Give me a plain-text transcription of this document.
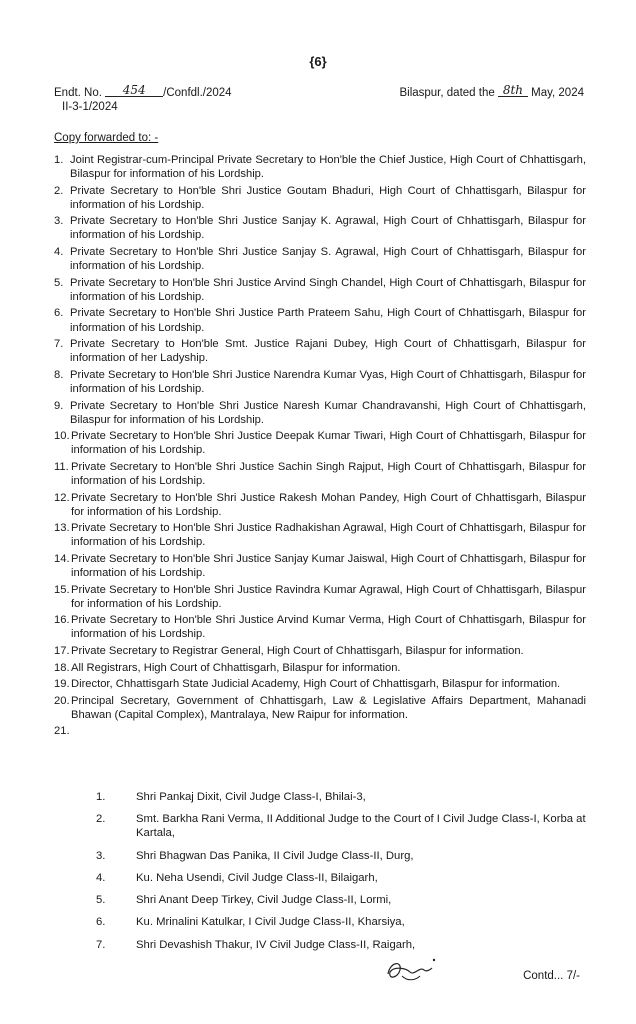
{6}
Endt. No. 454 /Confdl./2024
II-3-1/2024
Bilaspur, dated the 8th May, 2024
Copy forwarded to: -
1. Joint Registrar-cum-Principal Private Secretary to Hon'ble the Chief Justice, High Court of Chhattisgarh, Bilaspur for information of his Lordship.
2. Private Secretary to Hon'ble Shri Justice Goutam Bhaduri, High Court of Chhattisgarh, Bilaspur for information of his Lordship.
3. Private Secretary to Hon'ble Shri Justice Sanjay K. Agrawal, High Court of Chhattisgarh, Bilaspur for information of his Lordship.
4. Private Secretary to Hon'ble Shri Justice Sanjay S. Agrawal, High Court of Chhattisgarh, Bilaspur for information of his Lordship.
5. Private Secretary to Hon'ble Shri Justice Arvind Singh Chandel, High Court of Chhattisgarh, Bilaspur for information of his Lordship.
6. Private Secretary to Hon'ble Shri Justice Parth Prateem Sahu, High Court of Chhattisgarh, Bilaspur for information of his Lordship.
7. Private Secretary to Hon'ble Smt. Justice Rajani Dubey, High Court of Chhattisgarh, Bilaspur for information of her Ladyship.
8. Private Secretary to Hon'ble Shri Justice Narendra Kumar Vyas, High Court of Chhattisgarh, Bilaspur for information of his Lordship.
9. Private Secretary to Hon'ble Shri Justice Naresh Kumar Chandravanshi, High Court of Chhattisgarh, Bilaspur for information of his Lordship.
10. Private Secretary to Hon'ble Shri Justice Deepak Kumar Tiwari, High Court of Chhattisgarh, Bilaspur for information of his Lordship.
11. Private Secretary to Hon'ble Shri Justice Sachin Singh Rajput, High Court of Chhattisgarh, Bilaspur for information of his Lordship.
12. Private Secretary to Hon'ble Shri Justice Rakesh Mohan Pandey, High Court of Chhattisgarh, Bilaspur for information of his Lordship.
13. Private Secretary to Hon'ble Shri Justice Radhakishan Agrawal, High Court of Chhattisgarh, Bilaspur for information of his Lordship.
14. Private Secretary to Hon'ble Shri Justice Sanjay Kumar Jaiswal, High Court of Chhattisgarh, Bilaspur for information of his Lordship.
15. Private Secretary to Hon'ble Shri Justice Ravindra Kumar Agrawal, High Court of Chhattisgarh, Bilaspur for information of his Lordship.
16. Private Secretary to Hon'ble Shri Justice Arvind Kumar Verma, High Court of Chhattisgarh, Bilaspur for information of his Lordship.
17. Private Secretary to Registrar General, High Court of Chhattisgarh, Bilaspur for information.
18. All Registrars, High Court of Chhattisgarh, Bilaspur for information.
19. Director, Chhattisgarh State Judicial Academy, High Court of Chhattisgarh, Bilaspur for information.
20. Principal Secretary, Government of Chhattisgarh, Law & Legislative Affairs Department, Mahanadi Bhawan (Capital Complex), Mantralaya, New Raipur for information.
21.
1.	Shri Pankaj Dixit, Civil Judge Class-I, Bhilai-3,
2.	Smt. Barkha Rani Verma, II Additional Judge to the Court of I Civil Judge Class-I, Korba at Kartala,
3.	Shri Bhagwan Das Panika, II Civil Judge Class-II, Durg,
4.	Ku. Neha Usendi, Civil Judge Class-II, Bilaigarh,
5.	Shri Anant Deep Tirkey, Civil Judge Class-II, Lormi,
6.	Ku. Mrinalini Katulkar, I Civil Judge Class-II, Kharsiya,
7.	Shri Devashish Thakur, IV Civil Judge Class-II, Raigarh,
Contd... 7/-
